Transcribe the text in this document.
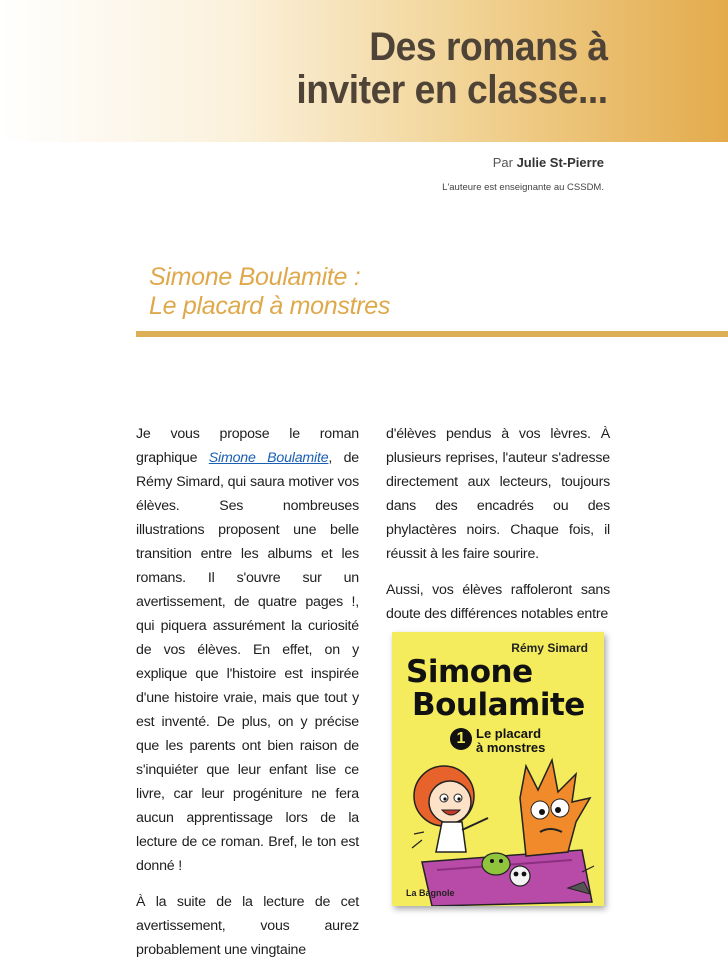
Des romans à
inviter en classe...
Par Julie St-Pierre
L'auteure est enseignante au CSSDM.
Simone Boulamite :
Le placard à monstres

Je vous propose le roman graphique Simone Boulamite, de Rémy Simard, qui saura motiver vos élèves. Ses nombreuses illustrations proposent une belle transition entre les albums et les romans. Il s'ouvre sur un avertissement, de quatre pages !, qui piquera assurément la curiosité de vos élèves. En effet, on y explique que l'histoire est inspirée d'une histoire vraie, mais que tout y est inventé. De plus, on y précise que les parents ont bien raison de s'inquiéter que leur enfant lise ce livre, car leur progéniture ne fera aucun apprentissage lors de la lecture de ce roman. Bref, le ton est donné !

À la suite de la lecture de cet avertissement, vous aurez probablement une vingtaine

d'élèves pendus à vos lèvres. À plusieurs reprises, l'auteur s'adresse directement aux lecteurs, toujours dans des encadrés ou des phylactères noirs. Chaque fois, il réussit à les faire sourire.

Aussi, vos élèves raffoleront sans doute des différences notables entre

Rémy Simard
Simone
Boulamite
1 Le placard
à monstres
La Bagnole
